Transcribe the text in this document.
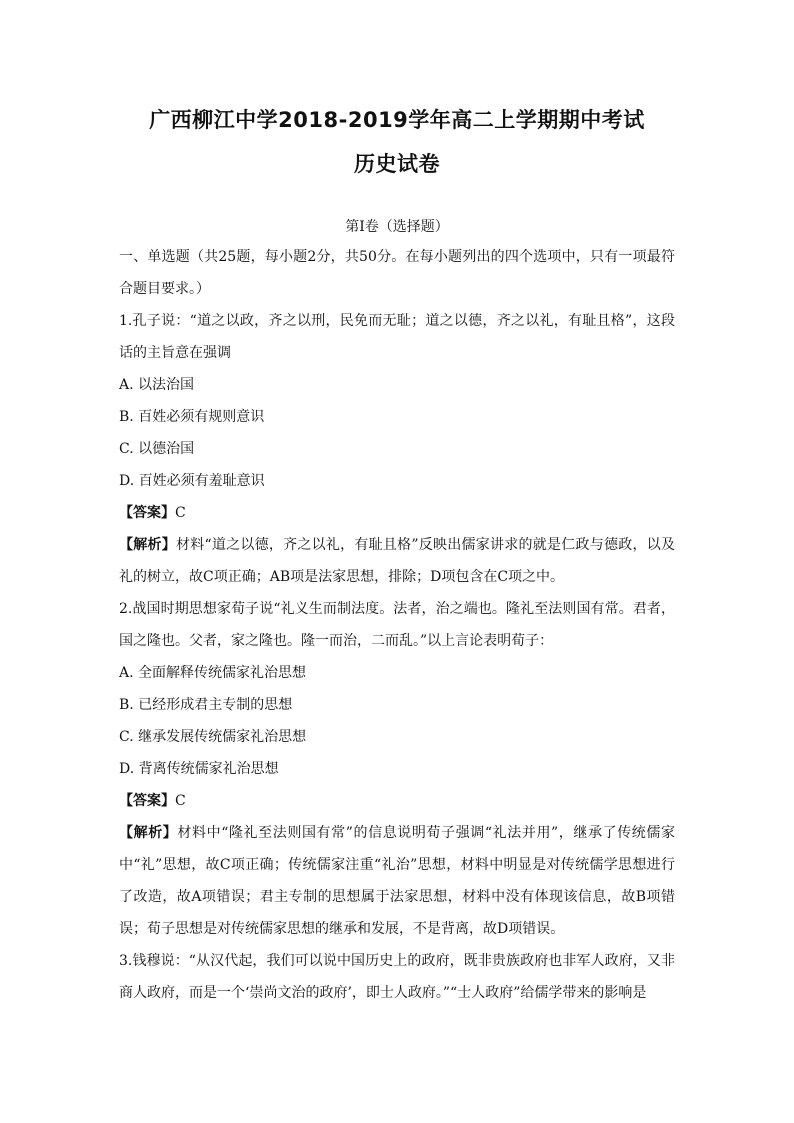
广西柳江中学2018-2019学年高二上学期期中考试
历史试卷
第Ⅰ卷（选择题）

一、单选题（共25题，每小题2分，共50分。在每小题列出的四个选项中，只有一项最符合题目要求。）

1.孔子说：“道之以政，齐之以刑，民免而无耻；道之以德，齐之以礼，有耻且格”，这段话的主旨意在强调

A. 以法治国

B. 百姓必须有规则意识

C. 以德治国

D. 百姓必须有羞耻意识

【答案】C

【解析】材料“道之以德，齐之以礼，有耻且格”反映出儒家讲求的就是仁政与德政，以及礼的树立，故C项正确；AB项是法家思想，排除；D项包含在C项之中。

2.战国时期思想家荀子说“礼义生而制法度。法者，治之端也。隆礼至法则国有常。君者，国之隆也。父者，家之隆也。隆一而治，二而乱。”以上言论表明荀子：

A. 全面解释传统儒家礼治思想

B. 已经形成君主专制的思想

C. 继承发展传统儒家礼治思想

D. 背离传统儒家礼治思想

【答案】C

【解析】材料中“隆礼至法则国有常”的信息说明荀子强调“礼法并用”，继承了传统儒家中“礼”思想，故C项正确；传统儒家注重“礼治”思想，材料中明显是对传统儒学思想进行了改造，故A项错误；君主专制的思想属于法家思想，材料中没有体现该信息，故B项错误；荀子思想是对传统儒家思想的继承和发展，不是背离，故D项错误。

3.钱穆说：“从汉代起，我们可以说中国历史上的政府，既非贵族政府也非军人政府，又非商人政府，而是一个‘崇尚文治的政府’，即士人政府。”“士人政府”给儒学带来的影响是
